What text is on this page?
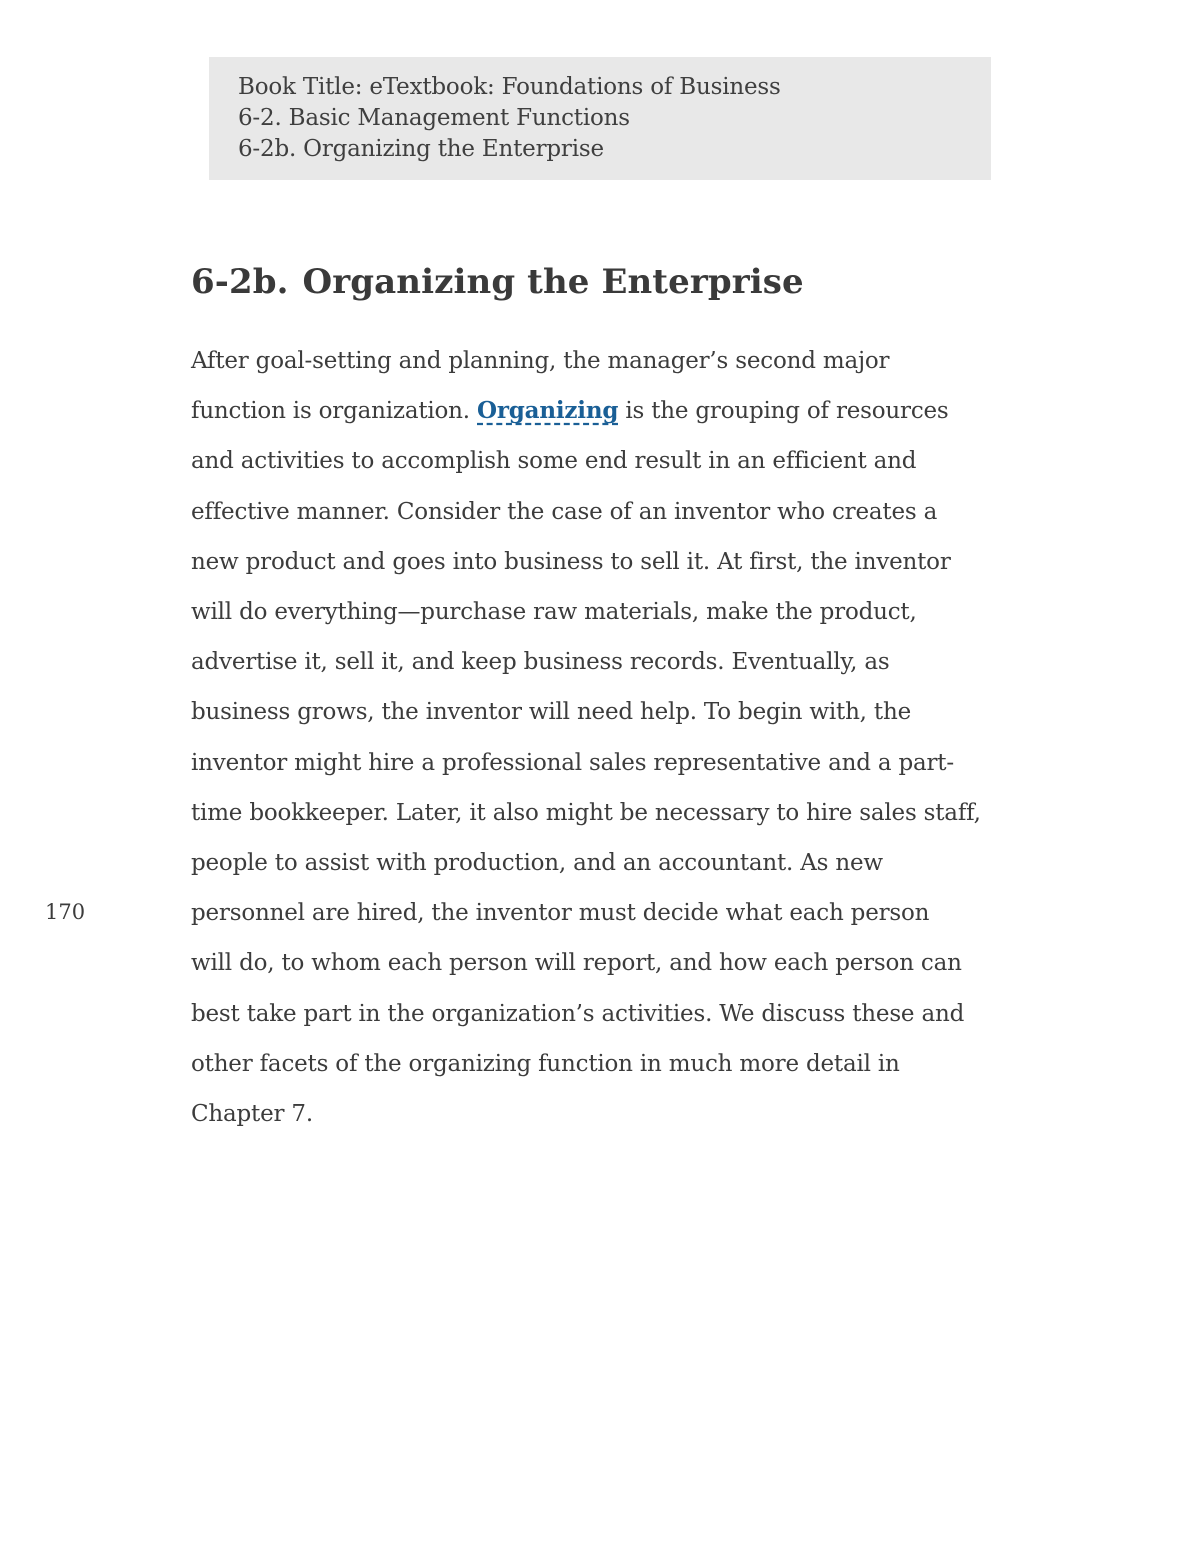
Book Title: eTextbook: Foundations of Business
6-2. Basic Management Functions
6-2b. Organizing the Enterprise
6-2b. Organizing the Enterprise
After goal-setting and planning, the manager’s second major
function is organization. Organizing is the grouping of resources
and activities to accomplish some end result in an efficient and
effective manner. Consider the case of an inventor who creates a
new product and goes into business to sell it. At first, the inventor
will do everything—purchase raw materials, make the product,
advertise it, sell it, and keep business records. Eventually, as
business grows, the inventor will need help. To begin with, the
inventor might hire a professional sales representative and a part-
time bookkeeper. Later, it also might be necessary to hire sales staff,
people to assist with production, and an accountant. As new
personnel are hired, the inventor must decide what each person
will do, to whom each person will report, and how each person can
best take part in the organization’s activities. We discuss these and
other facets of the organizing function in much more detail in
Chapter 7.
170
